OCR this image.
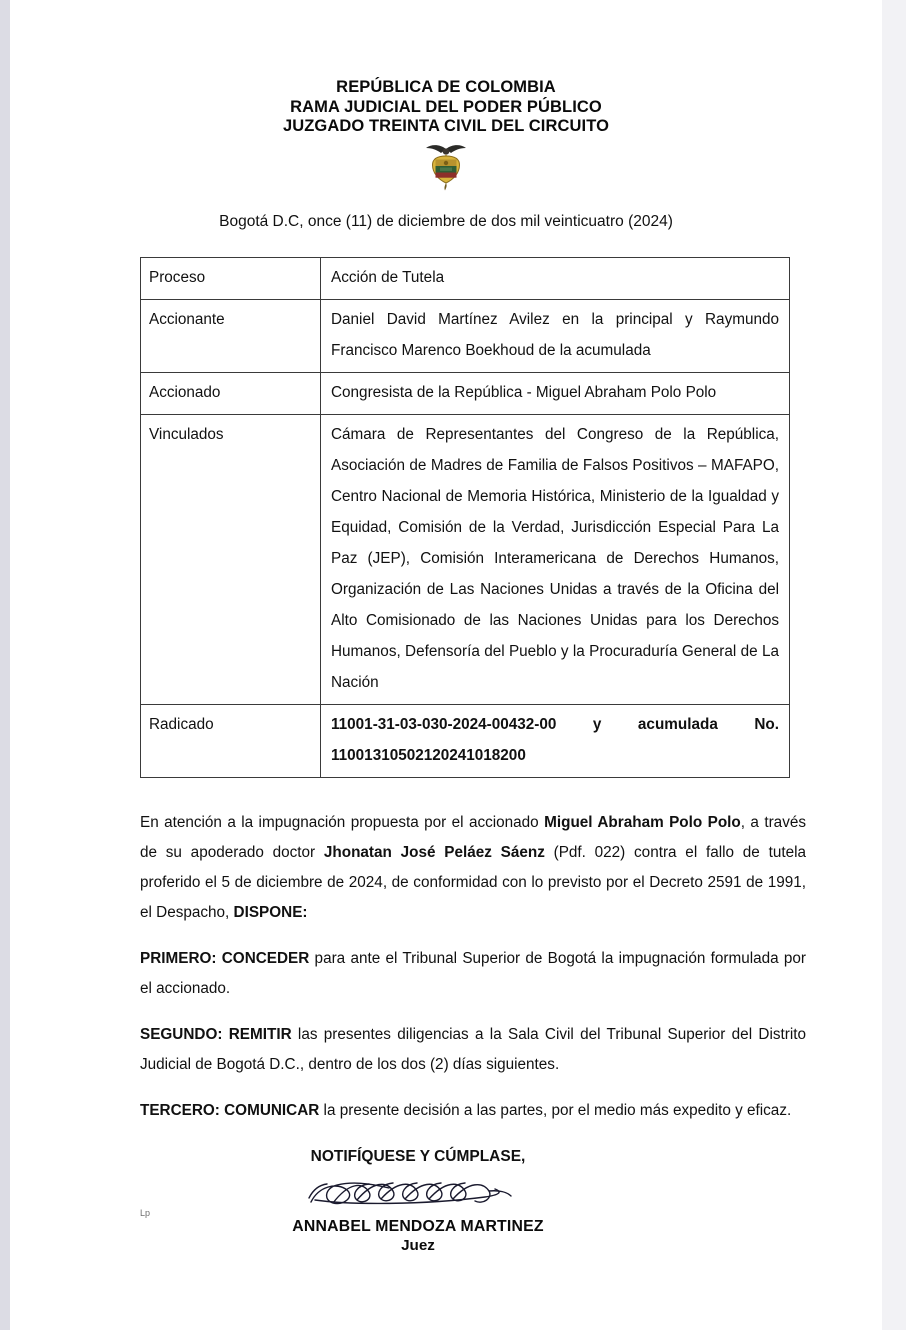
REPÚBLICA DE COLOMBIA
RAMA JUDICIAL DEL PODER PÚBLICO
JUZGADO TREINTA CIVIL DEL CIRCUITO
Bogotá D.C, once (11) de diciembre de dos mil veinticuatro (2024)
Proceso	Acción de Tutela
Accionante	Daniel David Martínez Avilez en la principal y Raymundo Francisco Marenco Boekhoud de la acumulada
Accionado	Congresista de la República - Miguel Abraham Polo Polo
Vinculados	Cámara de Representantes del Congreso de la República, Asociación de Madres de Familia de Falsos Positivos – MAFAPO, Centro Nacional de Memoria Histórica, Ministerio de la Igualdad y Equidad, Comisión de la Verdad, Jurisdicción Especial Para La Paz (JEP), Comisión Interamericana de Derechos Humanos, Organización de Las Naciones Unidas a través de la Oficina del Alto Comisionado de las Naciones Unidas para los Derechos Humanos, Defensoría del Pueblo y la Procuraduría General de La Nación
Radicado	11001-31-03-030-2024-00432-00 y acumulada No. 11001310502120241018200

En atención a la impugnación propuesta por el accionado Miguel Abraham Polo Polo, a través de su apoderado doctor Jhonatan José Peláez Sáenz (Pdf. 022) contra el fallo de tutela proferido el 5 de diciembre de 2024, de conformidad con lo previsto por el Decreto 2591 de 1991, el Despacho, DISPONE:

PRIMERO: CONCEDER para ante el Tribunal Superior de Bogotá la impugnación formulada por el accionado.

SEGUNDO: REMITIR las presentes diligencias a la Sala Civil del Tribunal Superior del Distrito Judicial de Bogotá D.C., dentro de los dos (2) días siguientes.

TERCERO: COMUNICAR la presente decisión a las partes, por el medio más expedito y eficaz.

NOTIFÍQUESE Y CÚMPLASE,
ANNABEL MENDOZA MARTINEZ
Juez
Lp
